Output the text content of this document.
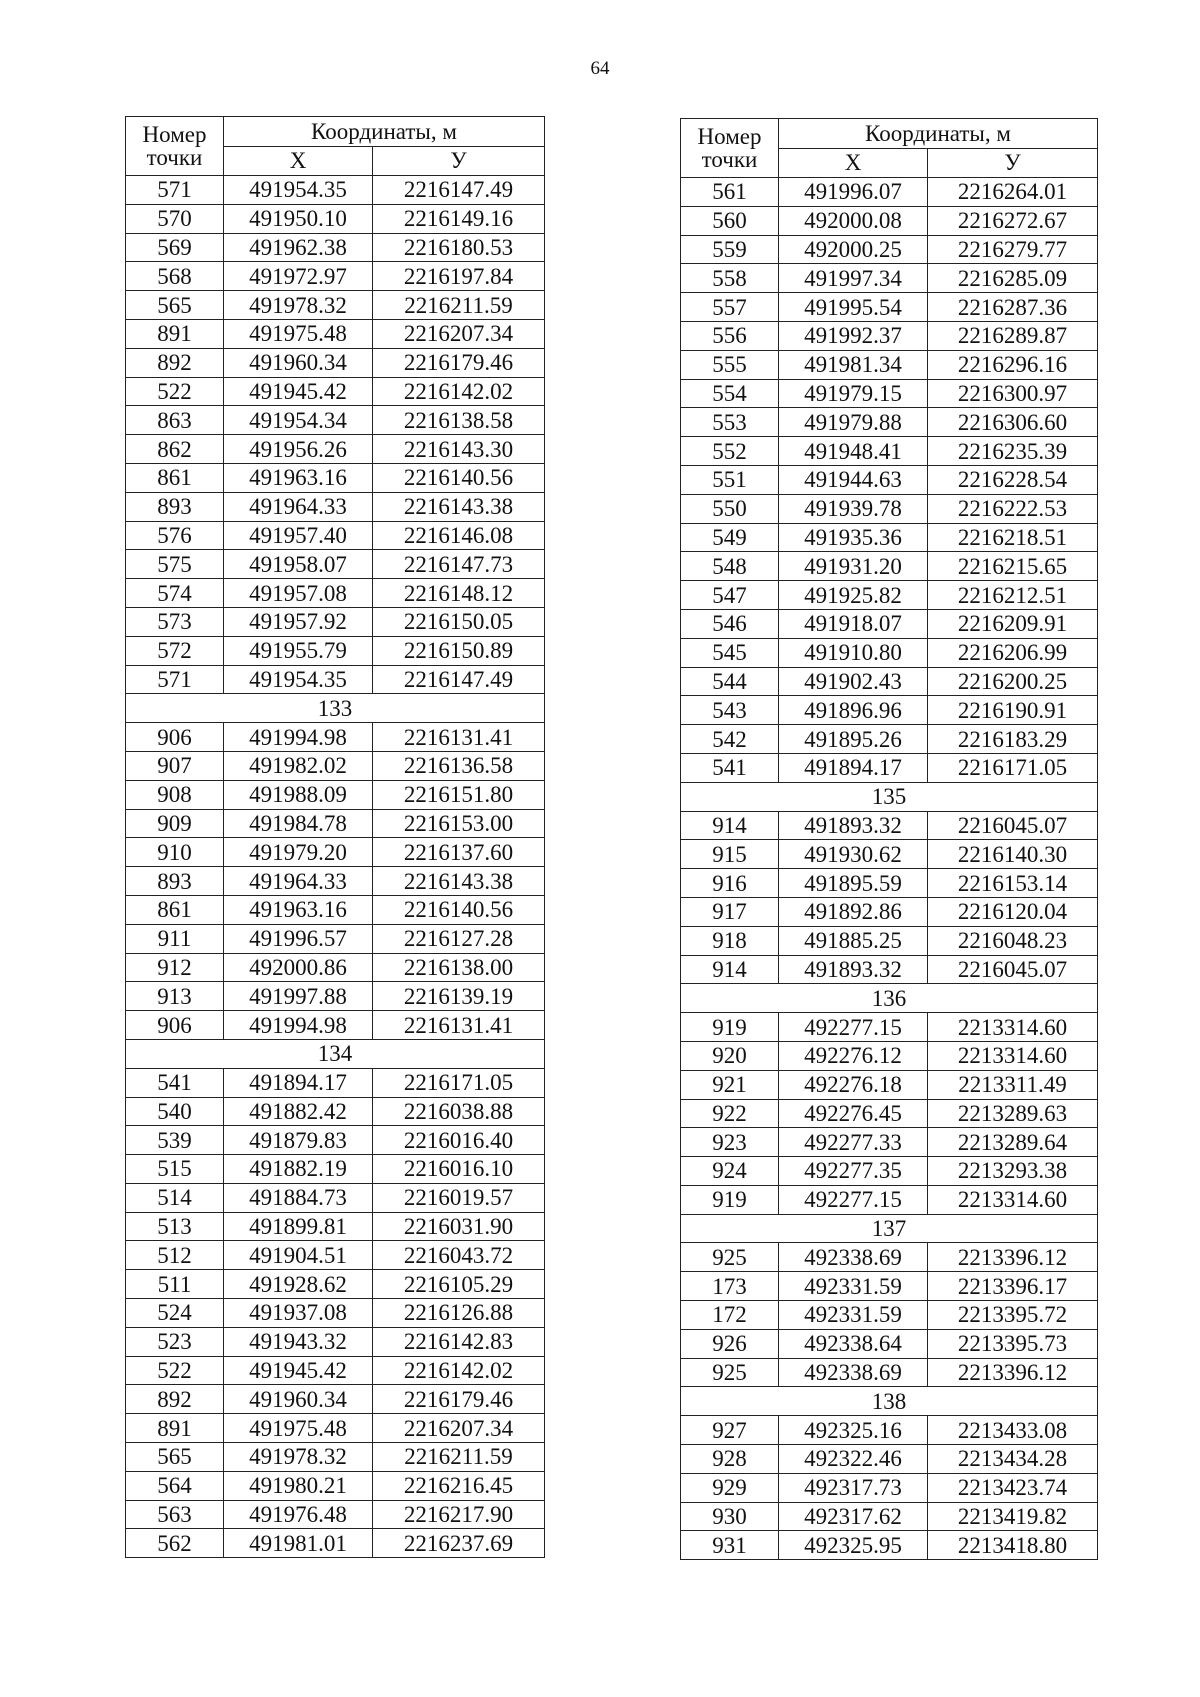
64
Номер
точки	Координаты, м	
	Х	У
571	491954.35	2216147.49
570	491950.10	2216149.16
569	491962.38	2216180.53
568	491972.97	2216197.84
565	491978.32	2216211.59
891	491975.48	2216207.34
892	491960.34	2216179.46
522	491945.42	2216142.02
863	491954.34	2216138.58
862	491956.26	2216143.30
861	491963.16	2216140.56
893	491964.33	2216143.38
576	491957.40	2216146.08
575	491958.07	2216147.73
574	491957.08	2216148.12
573	491957.92	2216150.05
572	491955.79	2216150.89
571	491954.35	2216147.49
133		
906	491994.98	2216131.41
907	491982.02	2216136.58
908	491988.09	2216151.80
909	491984.78	2216153.00
910	491979.20	2216137.60
893	491964.33	2216143.38
861	491963.16	2216140.56
911	491996.57	2216127.28
912	492000.86	2216138.00
913	491997.88	2216139.19
906	491994.98	2216131.41
134		
541	491894.17	2216171.05
540	491882.42	2216038.88
539	491879.83	2216016.40
515	491882.19	2216016.10
514	491884.73	2216019.57
513	491899.81	2216031.90
512	491904.51	2216043.72
511	491928.62	2216105.29
524	491937.08	2216126.88
523	491943.32	2216142.83
522	491945.42	2216142.02
892	491960.34	2216179.46
891	491975.48	2216207.34
565	491978.32	2216211.59
564	491980.21	2216216.45
563	491976.48	2216217.90
562	491981.01	2216237.69
Номер
точки	Координаты, м	
	Х	У
561	491996.07	2216264.01
560	492000.08	2216272.67
559	492000.25	2216279.77
558	491997.34	2216285.09
557	491995.54	2216287.36
556	491992.37	2216289.87
555	491981.34	2216296.16
554	491979.15	2216300.97
553	491979.88	2216306.60
552	491948.41	2216235.39
551	491944.63	2216228.54
550	491939.78	2216222.53
549	491935.36	2216218.51
548	491931.20	2216215.65
547	491925.82	2216212.51
546	491918.07	2216209.91
545	491910.80	2216206.99
544	491902.43	2216200.25
543	491896.96	2216190.91
542	491895.26	2216183.29
541	491894.17	2216171.05
135		
914	491893.32	2216045.07
915	491930.62	2216140.30
916	491895.59	2216153.14
917	491892.86	2216120.04
918	491885.25	2216048.23
914	491893.32	2216045.07
136		
919	492277.15	2213314.60
920	492276.12	2213314.60
921	492276.18	2213311.49
922	492276.45	2213289.63
923	492277.33	2213289.64
924	492277.35	2213293.38
919	492277.15	2213314.60
137		
925	492338.69	2213396.12
173	492331.59	2213396.17
172	492331.59	2213395.72
926	492338.64	2213395.73
925	492338.69	2213396.12
138		
927	492325.16	2213433.08
928	492322.46	2213434.28
929	492317.73	2213423.74
930	492317.62	2213419.82
931	492325.95	2213418.80
